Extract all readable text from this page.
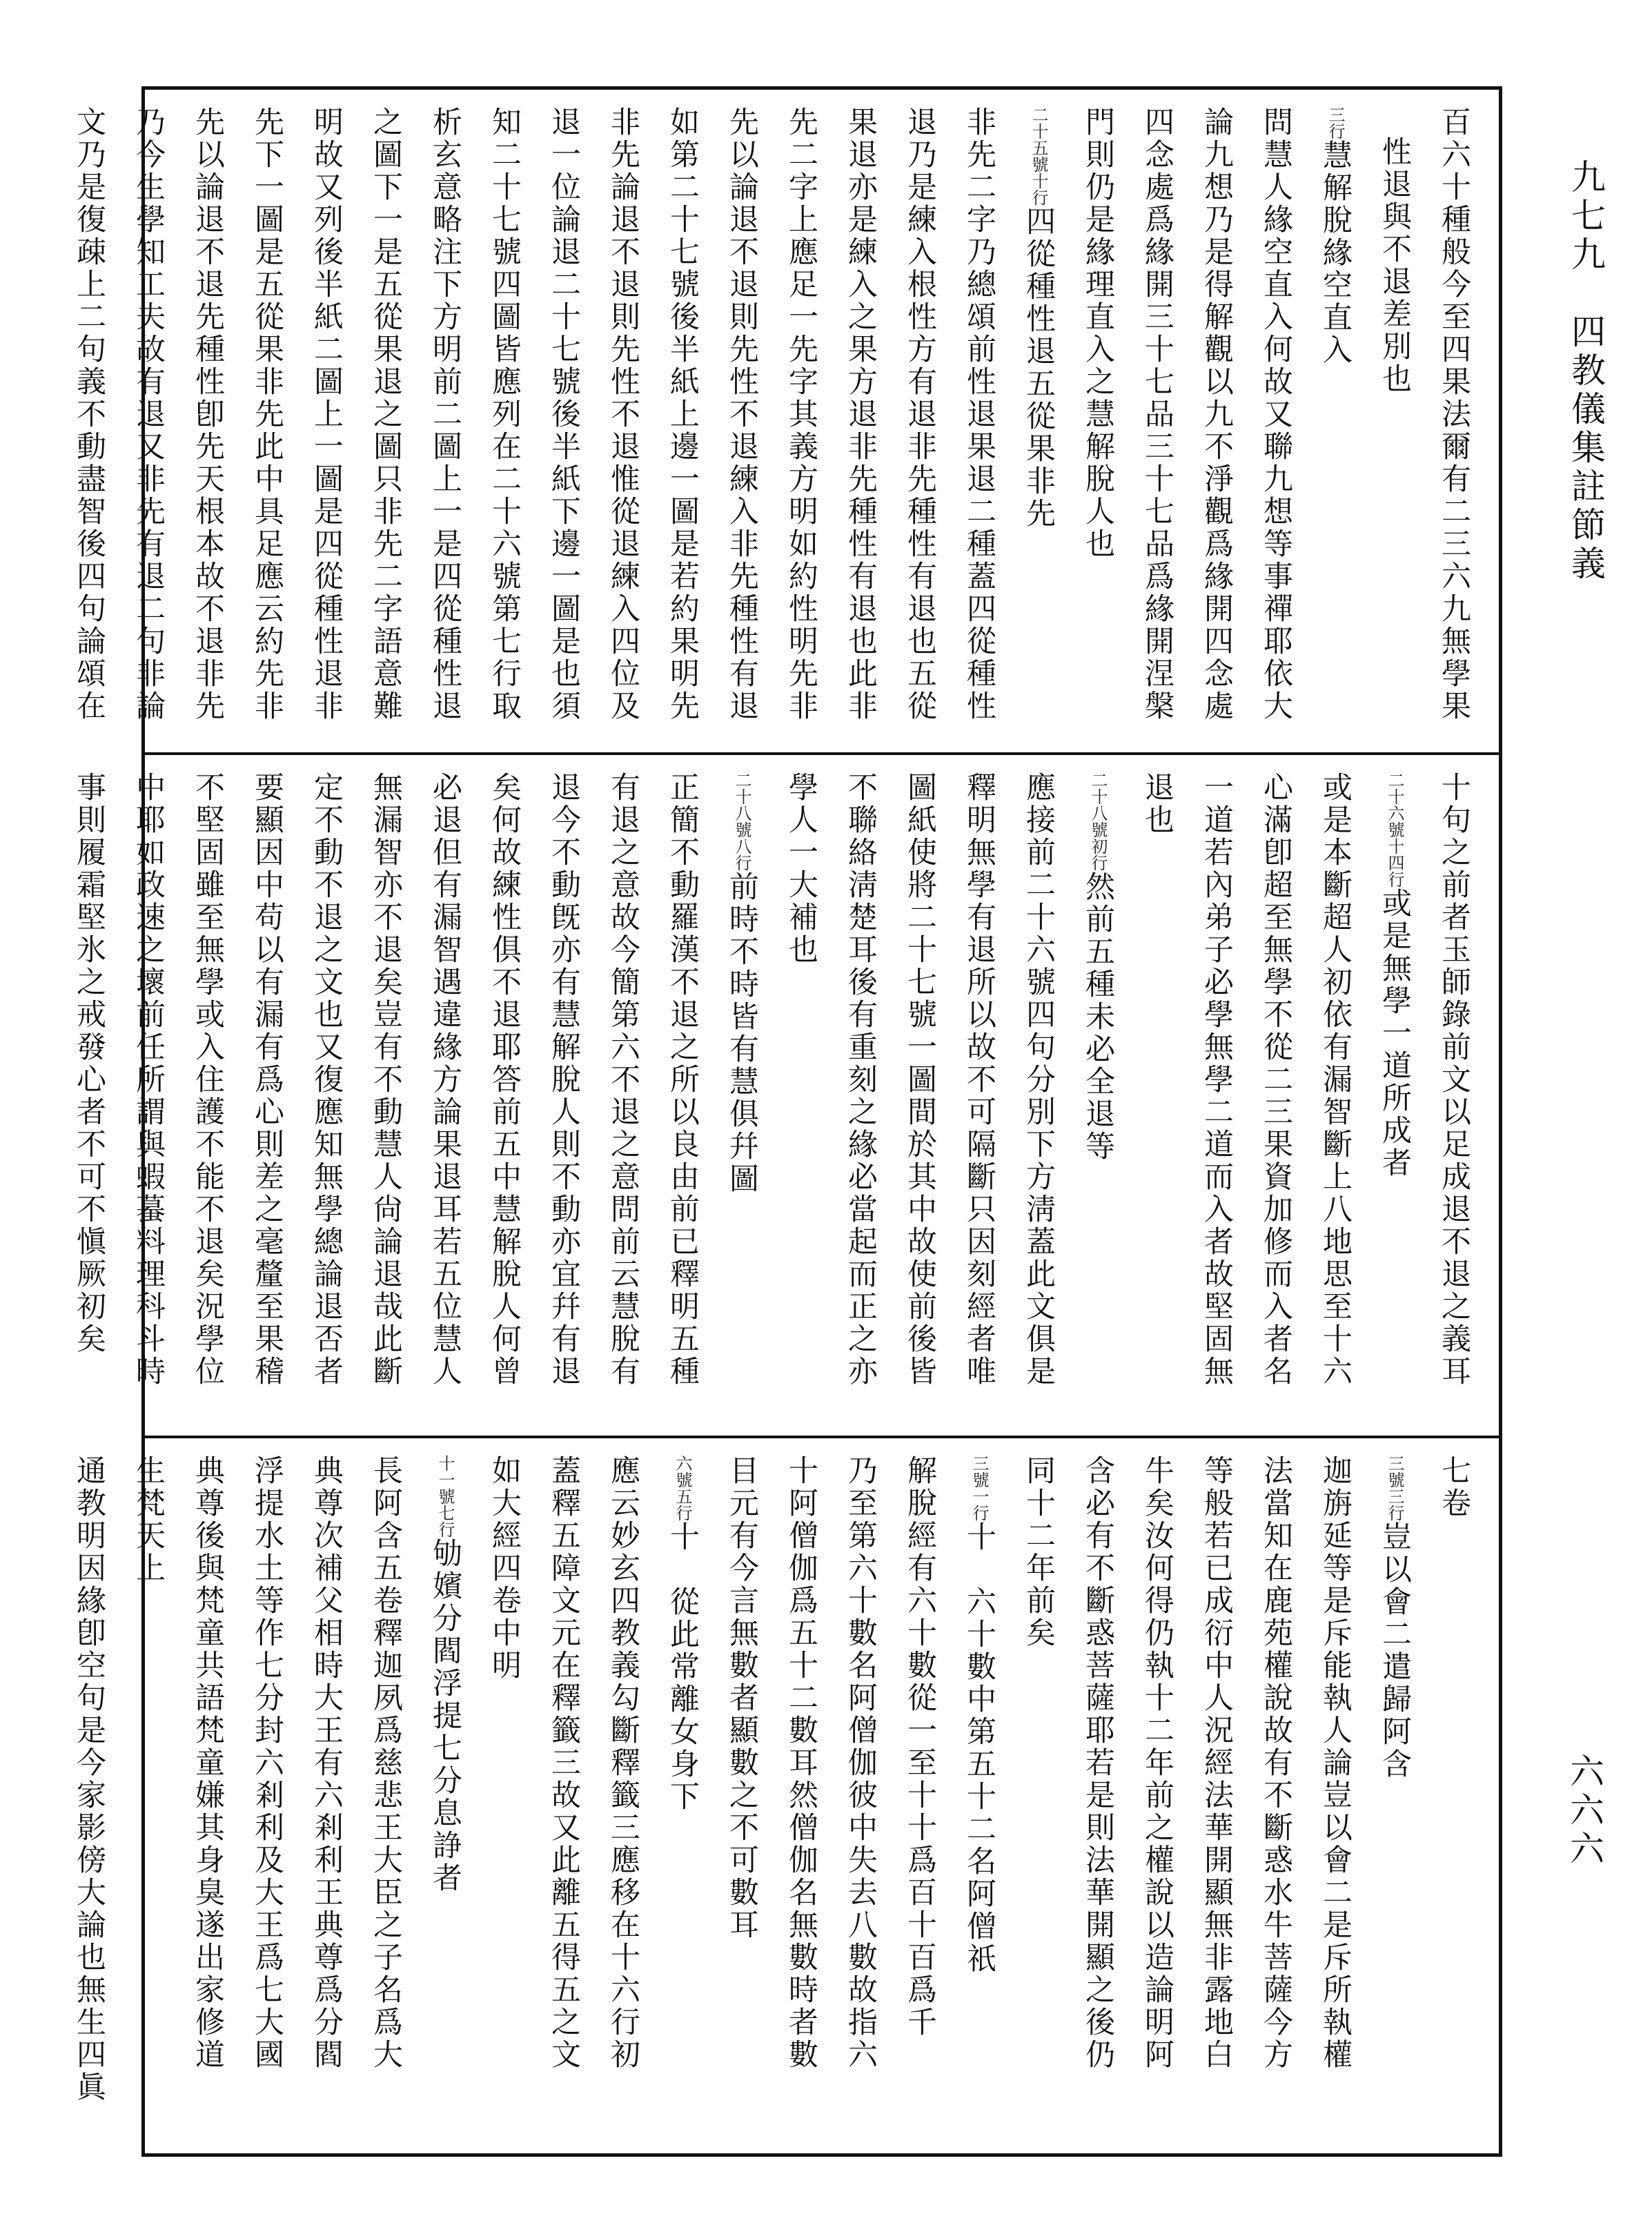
九七九　四教儀集註節義
六六六
百六十種般今至四果法爾有二三六九無學果
性退與不退差別也
三行慧解脫緣空直入
問慧人緣空直入何故又聯九想等事禪耶依大
論九想乃是得解觀以九不淨觀爲緣開四念處
四念處爲緣開三十七品三十七品爲緣開涅槃
門則仍是緣理直入之慧解脫人也
二十五號十行四從種性退五從果非先
非先二字乃總頌前性退果退二種蓋四從種性
退乃是練入根性方有退非先種性有退也五從
果退亦是練入之果方退非先種性有退也此非
先二字上應足一先字其義方明如約性明先非
先以論退不退則先性不退練入非先種性有退
如第二十七號後半紙上邊一圖是若約果明先
非先論退不退則先性不退惟從退練入四位及
退一位論退二十七號後半紙下邊一圖是也須
知二十七號四圖皆應列在二十六號第七行取
析玄意略注下方明前二圖上一是四從種性退
之圖下一是五從果退之圖只非先二字語意難
明故又列後半紙二圖上一圖是四從種性退非
先下一圖是五從果非先此中具足應云約先非
先以論退不退先種性卽先天根本故不退非先
乃今生學知工夫故有退又非先有退二句非論
文乃是復疎上二句義不動盡智後四句論頌在
十句之前者玉師錄前文以足成退不退之義耳
二十六號十四行或是無學一道所成者
或是本斷超人初依有漏智斷上八地思至十六
心滿卽超至無學不從二三果資加修而入者名
一道若內弟子必學無學二道而入者故堅固無
退也
二十八號初行然前五種未必全退等
應接前二十六號四句分別下方淸蓋此文俱是
釋明無學有退所以故不可隔斷只因刻經者唯
圖紙使將二十七號一圖間於其中故使前後皆
不聯絡淸楚耳後有重刻之緣必當起而正之亦
學人一大補也
二十八號八行前時不時皆有慧俱幷圖
正簡不動羅漢不退之所以良由前已釋明五種
有退之意故今簡第六不退之意問前云慧脫有
退今不動旣亦有慧解脫人則不動亦宜幷有退
矣何故練性俱不退耶答前五中慧解脫人何曾
必退但有漏智遇違緣方論果退耳若五位慧人
無漏智亦不退矣豈有不動慧人尙論退哉此斷
定不動不退之文也又復應知無學總論退否者
要顯因中苟以有漏有爲心則差之毫釐至果稽
不堅固雖至無學或入住護不能不退矣況學位
中耶如政速之壞前任所謂與蝦蟇料理科斗時
事則履霜堅氷之戒發心者不可不愼厥初矣
七卷
三號三行豈以會二遣歸阿含
迦旃延等是斥能執人論豈以會二是斥所執權
法當知在鹿苑權說故有不斷惑水牛菩薩今方
等般若已成衍中人況經法華開顯無非露地白
牛矣汝何得仍執十二年前之權說以造論明阿
含必有不斷惑菩薩耶若是則法華開顯之後仍
同十二年前矣
三號一行十　六十數中第五十二名阿僧祇
解脫經有六十數從一至十十爲百十百爲千
乃至第六十數名阿僧伽彼中失去八數故指六
十阿僧伽爲五十二數耳然僧伽名無數時者數
目元有今言無數者顯數之不可數耳
六號五行十　從此常離女身下
應云妙玄四教義勾斷釋籤三應移在十六行初
蓋釋五障文元在釋籤三故又此離五得五之文
如大經四卷中明
十一號七行劬嬪分閻浮提七分息諍者
長阿含五卷釋迦夙爲慈悲王大臣之子名爲大
典尊次補父相時大王有六剎利王典尊爲分閻
浮提水土等作七分封六剎利及大王爲七大國
典尊後與梵童共語梵童嫌其身臭遂出家修道
生梵天上
通教明因緣卽空句是今家影傍大論也無生四眞
